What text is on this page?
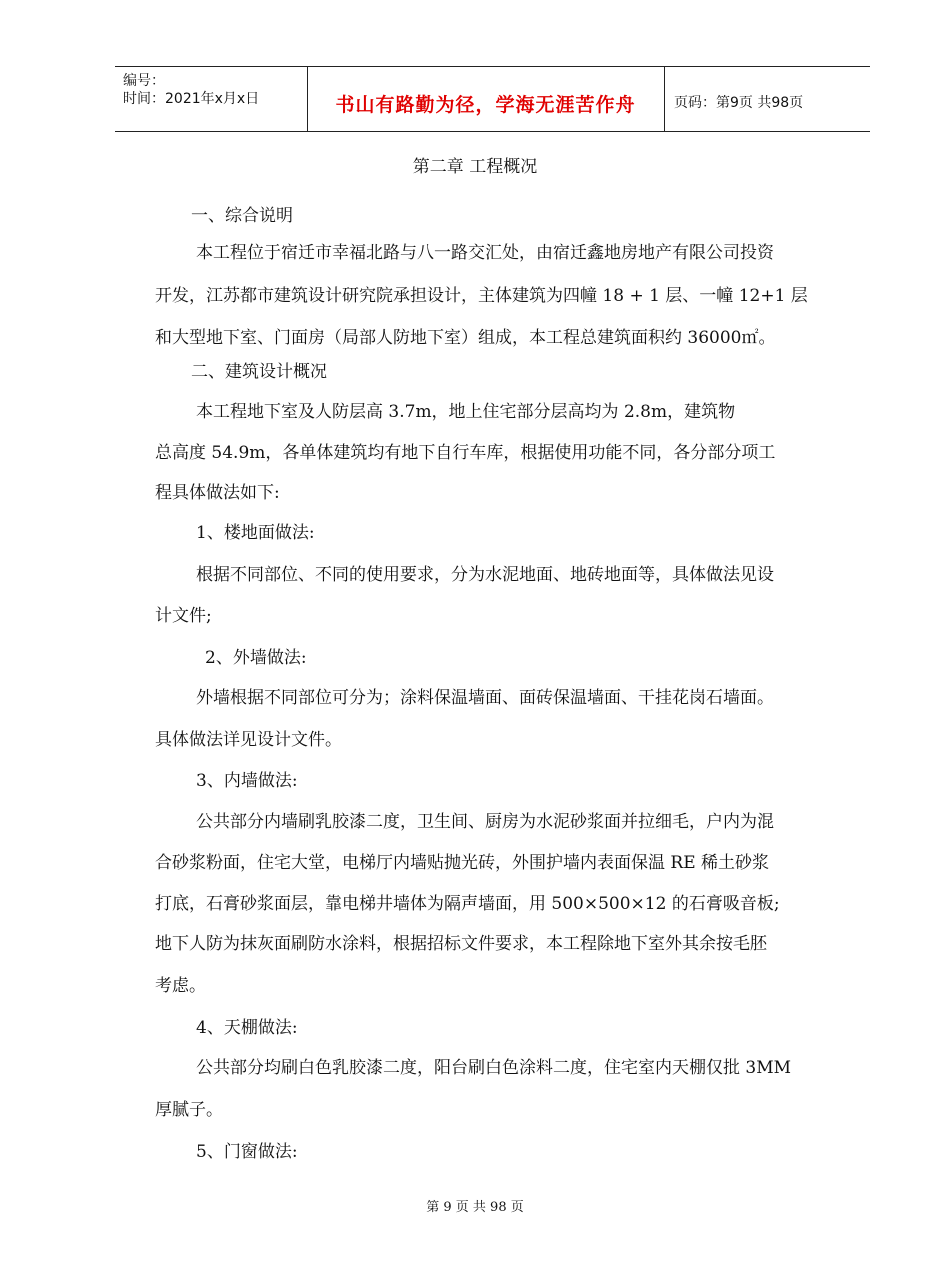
编号：
时间：2021年x月x日	书山有路勤为径，学海无涯苦作舟	页码：第9页 共98页
第二章 工程概况
一、综合说明
本工程位于宿迁市幸福北路与八一路交汇处，由宿迁鑫地房地产有限公司投资
开发，江苏都市建筑设计研究院承担设计，主体建筑为四幢 18 + 1 层、一幢 12+1 层
和大型地下室、门面房（局部人防地下室）组成，本工程总建筑面积约 36000㎡。
二、建筑设计概况
本工程地下室及人防层高 3.7m，地上住宅部分层高均为 2.8m，建筑物
总高度 54.9m，各单体建筑均有地下自行车库，根据使用功能不同，各分部分项工
程具体做法如下:
1、楼地面做法:
根据不同部位、不同的使用要求，分为水泥地面、地砖地面等，具体做法见设
计文件;
2、外墙做法:
外墙根据不同部位可分为；涂料保温墙面、面砖保温墙面、干挂花岗石墙面。
具体做法详见设计文件。
3、内墙做法:
公共部分内墙刷乳胶漆二度，卫生间、厨房为水泥砂浆面并拉细毛，户内为混
合砂浆粉面，住宅大堂，电梯厅内墙贴抛光砖，外围护墙内表面保温 RE 稀土砂浆
打底，石膏砂浆面层，靠电梯井墙体为隔声墙面，用 500×500×12 的石膏吸音板;
地下人防为抹灰面刷防水涂料，根据招标文件要求，本工程除地下室外其余按毛胚
考虑。
4、天棚做法:
公共部分均刷白色乳胶漆二度，阳台刷白色涂料二度，住宅室内天棚仅批 3MM
厚腻子。
5、门窗做法:
第 9 页 共 98 页
